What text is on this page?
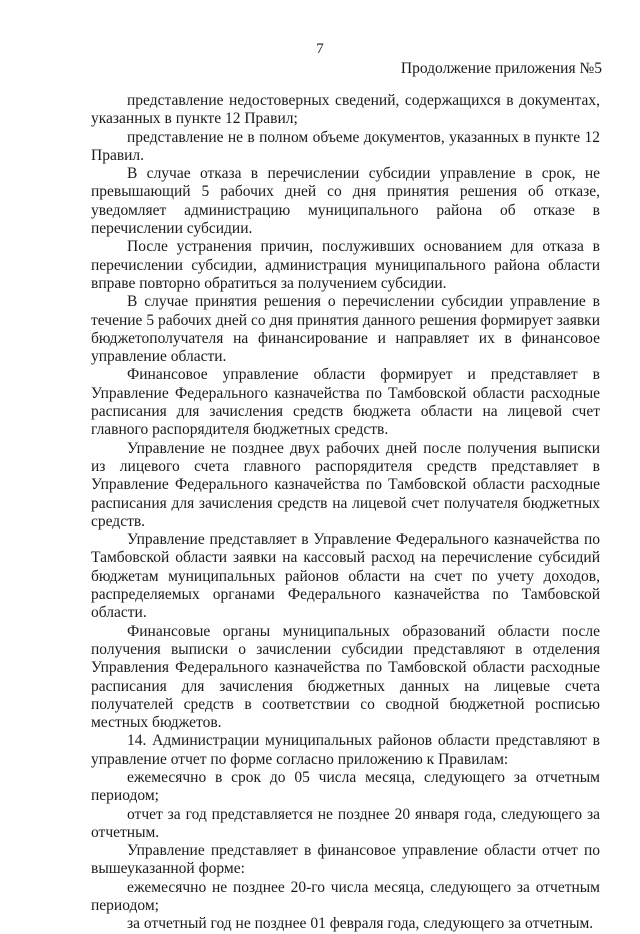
7
Продолжение приложения №5

представление недостоверных сведений, содержащихся в документах, указанных в пункте 12 Правил;

представление не в полном объеме документов, указанных в пункте 12 Правил.

В случае отказа в перечислении субсидии управление в срок, не превышающий 5 рабочих дней со дня принятия решения об отказе, уведомляет администрацию муниципального района об отказе в перечислении субсидии.

После устранения причин, послуживших основанием для отказа в перечислении субсидии, администрация муниципального района области вправе повторно обратиться за получением субсидии.

В случае принятия решения о перечислении субсидии управление в течение 5 рабочих дней со дня принятия данного решения формирует заявки бюджетополучателя на финансирование и направляет их в финансовое управление области.

Финансовое управление области формирует и представляет в Управление Федерального казначейства по Тамбовской области расходные расписания для зачисления средств бюджета области на лицевой счет главного распорядителя бюджетных средств.

Управление не позднее двух рабочих дней после получения выписки из лицевого счета главного распорядителя средств представляет в Управление Федерального казначейства по Тамбовской области расходные расписания для зачисления средств на лицевой счет получателя бюджетных средств.

Управление представляет в Управление Федерального казначейства по Тамбовской области заявки на кассовый расход на перечисление субсидий бюджетам муниципальных районов области на счет по учету доходов, распределяемых органами Федерального казначейства по Тамбовской области.

Финансовые органы муниципальных образований области после получения выписки о зачислении субсидии представляют в отделения Управления Федерального казначейства по Тамбовской области расходные расписания для зачисления бюджетных данных на лицевые счета получателей средств в соответствии со сводной бюджетной росписью местных бюджетов.

14. Администрации муниципальных районов области представляют в управление отчет по форме согласно приложению к Правилам:

ежемесячно в срок до 05 числа месяца, следующего за отчетным периодом;

отчет за год представляется не позднее 20 января года, следующего за отчетным.

Управление представляет в финансовое управление области отчет по вышеуказанной форме:

ежемесячно не позднее 20-го числа месяца, следующего за отчетным периодом;

за отчетный год не позднее 01 февраля года, следующего за отчетным.
